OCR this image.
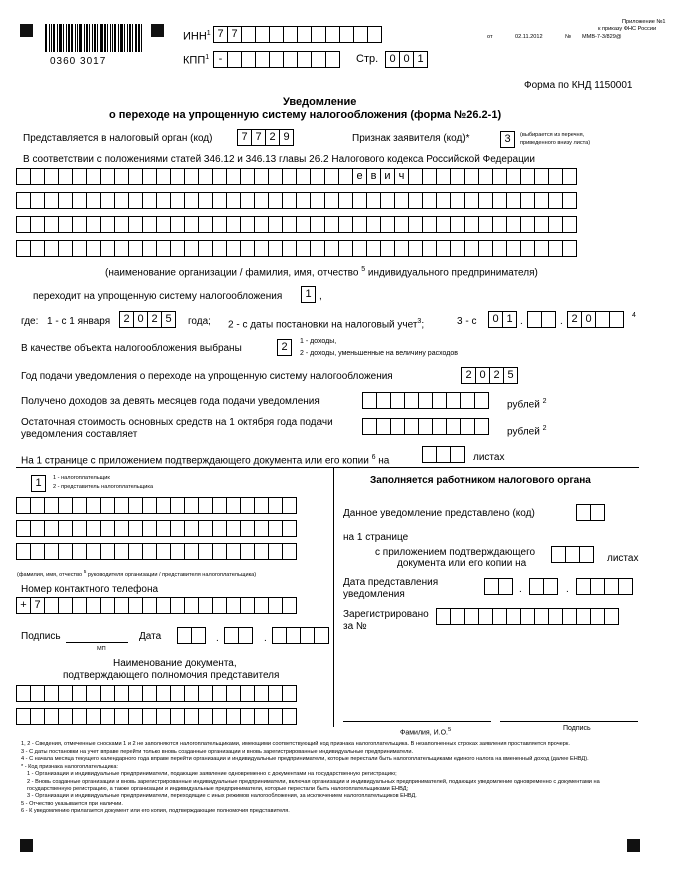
0360 3017
ИНН$^1$ 7 7
КПП$^1$ -	Стр.	0 0 1
Приложение №1
к приказу ФНС России
от	02.11.2012	№ ММВ-7-3/829@
Форма по КНД 1150001
Уведомление
о переходе на упрощенную систему налогообложения (форма №26.2-1)
Представляется в налоговый орган (код)	7 7 2 9	Признак заявителя (код)*	3	(выбирается из перечня,
приведенного внизу листа)
В соответствии с положениями статей 346.12 и 346.13 главы 26.2 Налогового кодекса Российской Федерации
е в и ч
(наименование организации / фамилия, имя, отчество $^5$ индивидуального предпринимателя)
переходит на упрощенную систему налогообложения	1 ,
где: 1 - с 1 января	2 0 2 5	года; 2 - с даты постановки на налоговый учет$^3$;	3 - с	0 1 .	. 2 0	4
В качестве объекта налогообложения выбраны	2	1 - доходы,
2 - доходы, уменьшенные на величину расходов
Год подачи уведомления о переходе на упрощенную систему налогообложения	2 0 2 5
Получено доходов за девять месяцев года подачи уведомления	рублей $^2$
Остаточная стоимость основных средств на 1 октября года подачи
уведомления составляет	рублей $^2$
На 1 странице с приложением подтверждающего документа или его копии $^6$ на	листах
1	1 - налогоплательщик
2 - представитель налогоплательщика
(фамилия, имя, отчество $^5$ руководителя организации / представителя налогоплательщика)
Номер контактного телефона
+ 7
Подпись
МП
Дата	.	.
Наименование документа,
подтверждающего полномочия представителя
Заполняется работником налогового органа
Данное уведомление представлено (код)
на 1 странице
с приложением подтверждающего
документа или его копии на	листах
Дата представления
уведомления	.	.
Зарегистрировано
за №
Фамилия, И.О.$^5$	Подпись
1, 2 - Сведения, отмеченные сносками 1 и 2 не заполняются налогоплательщиками, имеющими соответствующий код признака налогоплательщика. В незаполненных строках заявления проставляется прочерк.
3 - С даты постановки на учет вправе перейти только вновь созданные организации и вновь зарегистрированные индивидуальные предприниматели.
4 - С начала месяца текущего календарного года вправе перейти организации и индивидуальные предприниматели, которые перестали быть налогоплательщиками единого налога на вмененный доход (далее ЕНВД).
* - Код признака налогоплательщика:
1 - Организации и индивидуальные предприниматели, подающие заявление одновременно с документами на государственную регистрацию;
2 - Вновь созданные организации и вновь зарегистрированные индивидуальные предприниматели, включая организации и индивидуальных предпринимателей, подающих уведомление одновременно с документами на государственную регистрацию, а также организации и индивидуальные предприниматели, которые перестали быть налогоплательщиками ЕНВД;
3 - Организации и индивидуальные предприниматели, переходящие с иных режимов налогообложения, за исключением налогоплательщиков ЕНВД.
5 - Отчество указывается при наличии.
6 - К уведомлению прилагается документ или его копия, подтверждающие полномочия представителя.
